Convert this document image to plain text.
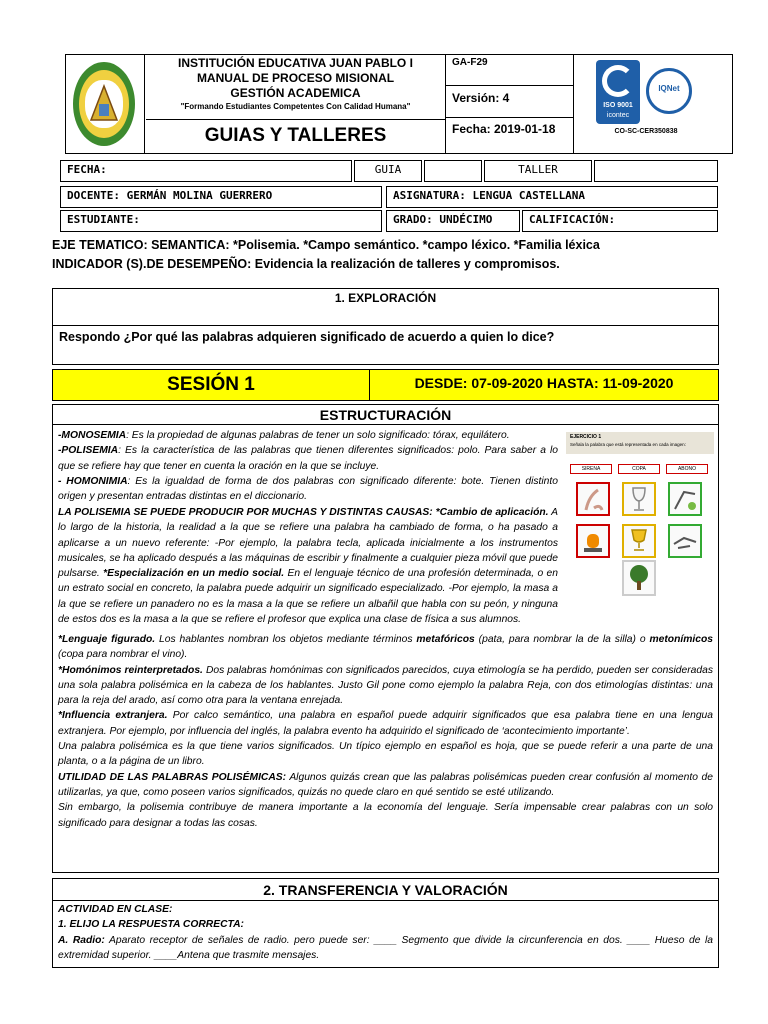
INSTITUCIÓN EDUCATIVA JUAN PABLO I
MANUAL DE PROCESO MISIONAL
GESTIÓN ACADEMICA
"Formando Estudiantes Competentes Con Calidad Humana"
GUIAS Y TALLERES
GA-F29
Versión: 4
Fecha: 2019-01-18
ISO 9001
icontec
IQNet
CO-SC-CER350838
FECHA:	GUIA	TALLER
DOCENTE: GERMÁN MOLINA GUERRERO	ASIGNATURA: LENGUA CASTELLANA
ESTUDIANTE:	GRADO: UNDÉCIMO	CALIFICACIÓN:
EJE TEMATICO: SEMANTICA: *Polisemia. *Campo semántico. *campo léxico. *Familia léxica
INDICADOR (S).DE DESEMPEÑO: Evidencia la realización de talleres y compromisos.
1. EXPLORACIÓN
Respondo ¿Por qué las palabras adquieren significado de acuerdo a quien lo dice?
SESIÓN 1	DESDE: 07-09-2020 HASTA: 11-09-2020
ESTRUCTURACIÓN
EJERCICIO 1
Señala la palabra que está representada en cada imagen:
SIRENA	COPA	ABONO

-MONOSEMIA: Es la propiedad de algunas palabras de tener un solo significado: tórax, equilátero.

-POLISEMIA: Es la característica de las palabras que tienen diferentes significados: polo. Para saber a lo que se refiere hay que tener en cuenta la oración en la que se incluye.

- HOMONIMIA: Es la igualdad de forma de dos palabras con significado diferente: bote. Tienen distinto origen y presentan entradas distintas en el diccionario.

LA POLISEMIA SE PUEDE PRODUCIR POR MUCHAS Y DISTINTAS CAUSAS: *Cambio de aplicación. A lo largo de la historia, la realidad a la que se refiere una palabra ha cambiado de forma, o ha pasado a aplicarse a un nuevo referente: -Por ejemplo, la palabra tecla, aplicada inicialmente a los instrumentos musicales, se ha aplicado después a las máquinas de escribir y finalmente a cualquier pieza móvil que puede pulsarse. *Especialización en un medio social. En el lenguaje técnico de una profesión determinada, o en un estrato social en concreto, la palabra puede adquirir un significado especializado. -Por ejemplo, la masa a la que se refiere un panadero no es la masa a la que se refiere un albañil que habla con su peón, y ninguna de estos dos es la masa a la que se refiere el profesor que explica una clase de física a sus alumnos.

*Lenguaje figurado. Los hablantes nombran los objetos mediante términos metafóricos (pata, para nombrar la de la silla) o metonímicos (copa para nombrar el vino).

*Homónimos reinterpretados. Dos palabras homónimas con significados parecidos, cuya etimología se ha perdido, pueden ser consideradas una sola palabra polisémica en la cabeza de los hablantes. Justo Gil pone como ejemplo la palabra Reja, con dos etimologías distintas: una para la reja del arado, así como otra para la ventana enrejada.

*Influencia extranjera. Por calco semántico, una palabra en español puede adquirir significados que esa palabra tiene en una lengua extranjera. Por ejemplo, por influencia del inglés, la palabra evento ha adquirido el significado de ‘acontecimiento importante’.

Una palabra polisémica es la que tiene varios significados. Un típico ejemplo en español es hoja, que se puede referir a una parte de una planta, o a la página de un libro.

UTILIDAD DE LAS PALABRAS POLISÉMICAS: Algunos quizás crean que las palabras polisémicas pueden crear confusión al momento de utilizarlas, ya que, como poseen varios significados, quizás no quede claro en qué sentido se esté utilizando.

Sin embargo, la polisemia contribuye de manera importante a la economía del lenguaje. Sería impensable crear palabras con un solo significado para designar a todas las cosas.

2. TRANSFERENCIA Y VALORACIÓN

ACTIVIDAD EN CLASE:

1. ELIJO LA RESPUESTA CORRECTA:

A. Radio: Aparato receptor de señales de radio. pero puede ser: ____ Segmento que divide la circunferencia en dos. ____ Hueso de la extremidad superior. ____Antena que trasmite mensajes.
